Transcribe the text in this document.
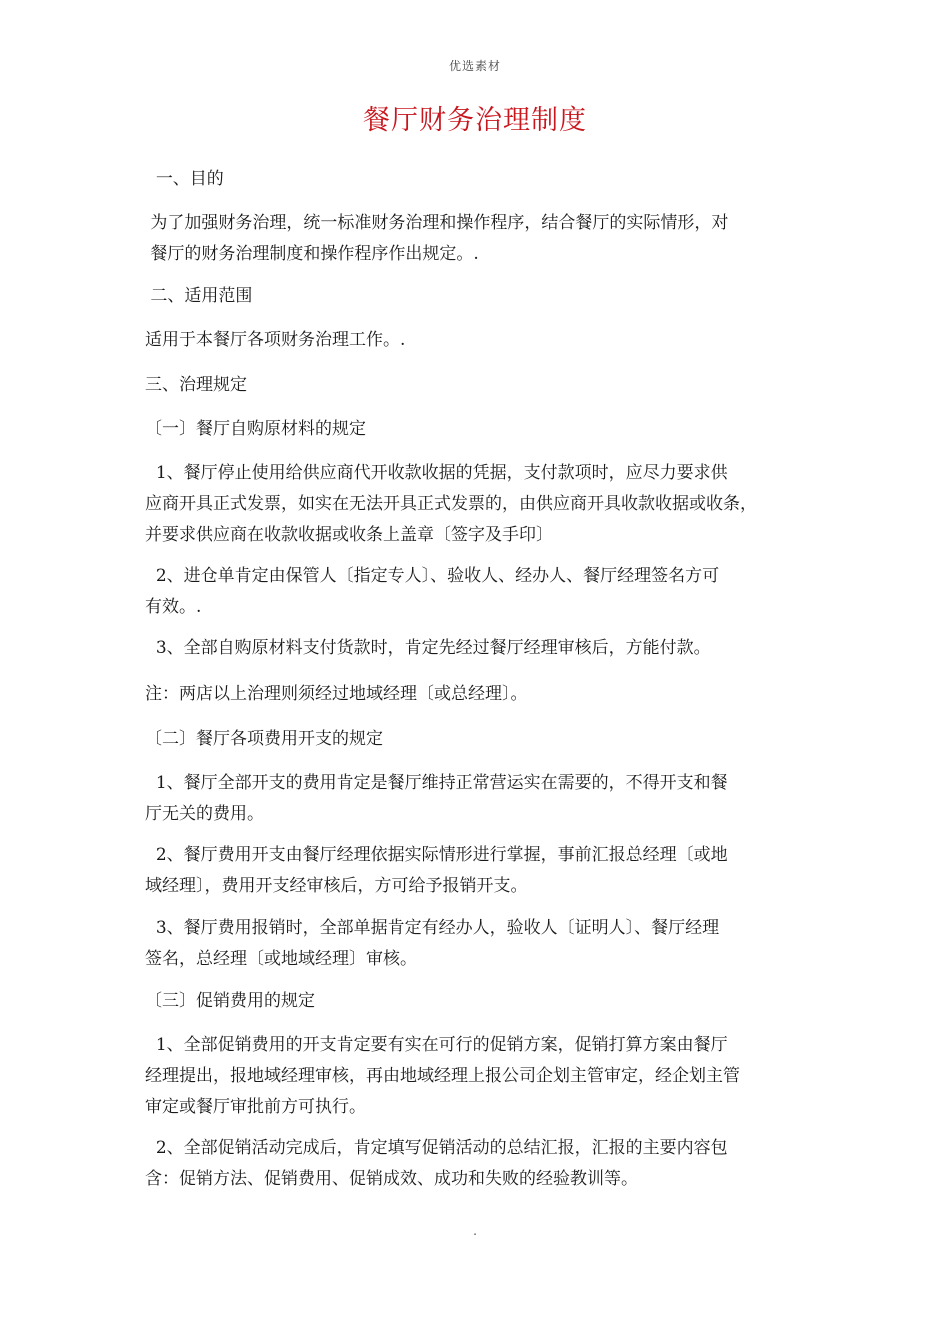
优选素材
餐厅财务治理制度
一、目的
为了加强财务治理，统一标准财务治理和操作程序，结合餐厅的实际情形，对
餐厅的财务治理制度和操作程序作出规定。.
二、适用范围
适用于本餐厅各项财务治理工作。.
三、治理规定
〔一〕餐厅自购原材料的规定
1、餐厅停止使用给供应商代开收款收据的凭据，支付款项时，应尽力要求供
应商开具正式发票，如实在无法开具正式发票的，由供应商开具收款收据或收条，
并要求供应商在收款收据或收条上盖章〔签字及手印〕
2、进仓单肯定由保管人〔指定专人〕、验收人、经办人、餐厅经理签名方可
有效。.
3、全部自购原材料支付货款时，肯定先经过餐厅经理审核后，方能付款。
注：两店以上治理则须经过地域经理〔或总经理〕。
〔二〕餐厅各项费用开支的规定
1、餐厅全部开支的费用肯定是餐厅维持正常营运实在需要的，不得开支和餐
厅无关的费用。
2、餐厅费用开支由餐厅经理依据实际情形进行掌握，事前汇报总经理〔或地
域经理〕，费用开支经审核后，方可给予报销开支。
3、餐厅费用报销时，全部单据肯定有经办人，验收人〔证明人〕、餐厅经理
签名，总经理〔或地域经理〕审核。
〔三〕促销费用的规定
1、全部促销费用的开支肯定要有实在可行的促销方案，促销打算方案由餐厅
经理提出，报地域经理审核，再由地域经理上报公司企划主管审定，经企划主管
审定或餐厅审批前方可执行。
2、全部促销活动完成后，肯定填写促销活动的总结汇报，汇报的主要内容包
含：促销方法、促销费用、促销成效、成功和失败的经验教训等。
.
